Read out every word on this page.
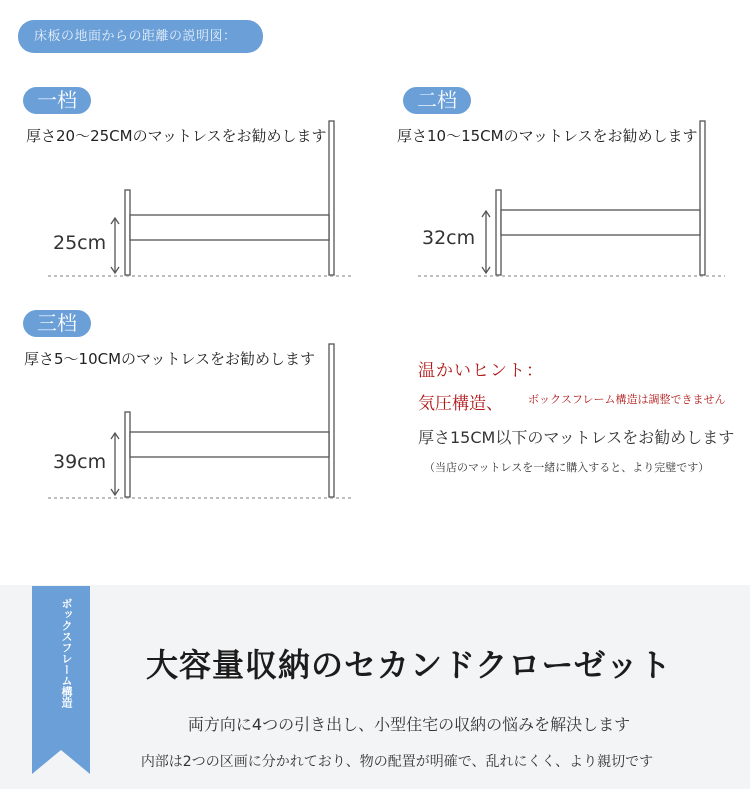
床板の地面からの距離の説明図：
一档	二档
三档
厚さ20〜25CMのマットレスをお勧めします	厚さ10〜15CMのマットレスをお勧めします
厚さ5〜10CMのマットレスをお勧めします
25cm	32cm
39cm
温かいヒント：
気圧構造、 ボックスフレーム構造は調整できません
厚さ15CM以下のマットレスをお勧めします
（当店のマットレスを一緒に購入すると、より完璧です）
ボックスフレーム構造	大容量収納のセカンドクローゼット
両方向に4つの引き出し、小型住宅の収納の悩みを解決します
内部は2つの区画に分かれており、物の配置が明確で、乱れにくく、より親切です
